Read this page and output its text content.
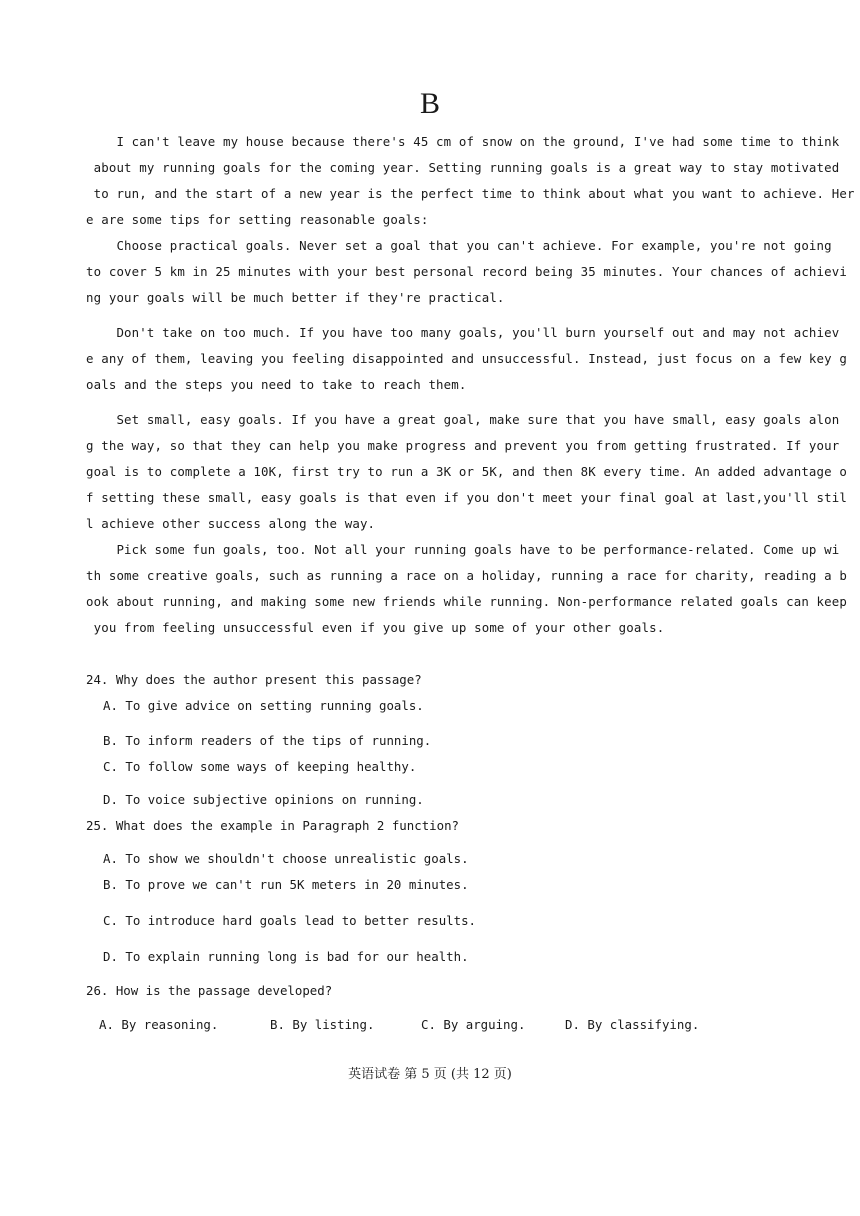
B
I can't leave my house because there's 45 cm of snow on the ground, I've had some time to think
about my running goals for the coming year. Setting running goals is a great way to stay motivated
to run, and the start of a new year is the perfect time to think about what you want to achieve. Her
e are some tips for setting reasonable goals:
Choose practical goals. Never set a goal that you can't achieve. For example, you're not going
to cover 5 km in 25 minutes with your best personal record being 35 minutes. Your chances of achievi
ng your goals will be much better if they're practical.
Don't take on too much. If you have too many goals, you'll burn yourself out and may not achiev
e any of them, leaving you feeling disappointed and unsuccessful. Instead, just focus on a few key g
oals and the steps you need to take to reach them.
Set small, easy goals. If you have a great goal, make sure that you have small, easy goals alon
g the way, so that they can help you make progress and prevent you from getting frustrated. If your
goal is to complete a 10K, first try to run a 3K or 5K, and then 8K every time. An added advantage o
f setting these small, easy goals is that even if you don't meet your final goal at last,you'll stil
l achieve other success along the way.
Pick some fun goals, too. Not all your running goals have to be performance-related. Come up wi
th some creative goals, such as running a race on a holiday, running a race for charity, reading a b
ook about running, and making some new friends while running. Non-performance related goals can keep
you from feeling unsuccessful even if you give up some of your other goals.
24. Why does the author present this passage?
A. To give advice on setting running goals.
B. To inform readers of the tips of running.
C. To follow some ways of keeping healthy.
D. To voice subjective opinions on running.
25. What does the example in Paragraph 2 function?
A. To show we shouldn't choose unrealistic goals.
B. To prove we can't run 5K meters in 20 minutes.
C. To introduce hard goals lead to better results.
D. To explain running long is bad for our health.
26. How is the passage developed?
A. By reasoning.	B. By listing.	C. By arguing.	D. By classifying.
英语试卷 第 5 页 (共 12 页)
